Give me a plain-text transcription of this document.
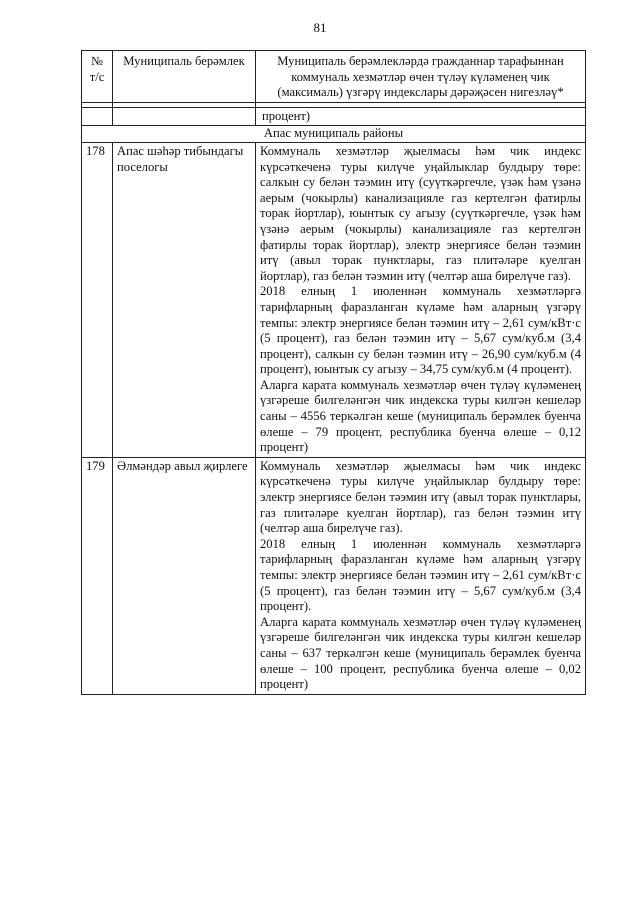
81
№ т/с	Муниципаль берәмлек	Муниципаль берәмлекләрдә гражданнар тарафыннан коммуналь хезмәтләр өчен түләү күләменең чик (максималь) үзгәрү индекслары дәрәҗәсен нигезләү*

		процент)
Апас муниципаль районы		
178	Апас шәһәр тибындагы поселогы	Коммуналь хезмәтләр җыелмасы һәм чик индекс күрсәткеченә туры килүче уңайлыклар булдыру төре: салкын су белән тәэмин итү (суүткәргечле, үзәк һәм үзәнә аерым (чокырлы) канализацияле газ кертелгән фатирлы торак йортлар), юынтык су агызу (суүткәргечле, үзәк һәм үзәнә аерым (чокырлы) канализацияле газ кертелгән фатирлы торак йортлар), электр энергиясе белән тәэмин итү (авыл торак пунктлары, газ плитәләре куелган йортлар), газ белән тәэмин итү (челтәр аша бирелүче газ).

2018 елның 1 июленнән коммуналь хезмәтләргә тарифларның фаразланган күләме һәм аларның үзгәрү темпы: электр энергиясе белән тәэмин итү – 2,61 сум/кВт·с (5 процент), газ белән тәэмин итү – 5,67 сум/куб.м (3,4 процент), салкын су белән тәэмин итү – 26,90 сум/куб.м (4 процент), юынтык су агызу – 34,75 сум/куб.м (4 процент).

Аларга карата коммуналь хезмәтләр өчен түләү күләменең үзгәреше билгеләнгән чик индекска туры килгән кешеләр саны – 4556 теркәлгән кеше (муниципаль берәмлек буенча өлеше – 79 процент, республика буенча өлеше – 0,12 процент)

179	Әлмәндәр авыл җирлеге	Коммуналь хезмәтләр җыелмасы һәм чик индекс күрсәткеченә туры килүче уңайлыклар булдыру төре: электр энергиясе белән тәэмин итү (авыл торак пунктлары, газ плитәләре куелган йортлар), газ белән тәэмин итү (челтәр аша бирелүче газ).

2018 елның 1 июленнән коммуналь хезмәтләргә тарифларның фаразланган күләме һәм аларның үзгәрү темпы: электр энергиясе белән тәэмин итү – 2,61 сум/кВт·с (5 процент), газ белән тәэмин итү – 5,67 сум/куб.м (3,4 процент).

Аларга карата коммуналь хезмәтләр өчен түләү күләменең үзгәреше билгеләнгән чик индекска туры килгән кешеләр саны – 637 теркәлгән кеше (муниципаль берәмлек буенча өлеше – 100 процент, республика буенча өлеше – 0,02 процент)
